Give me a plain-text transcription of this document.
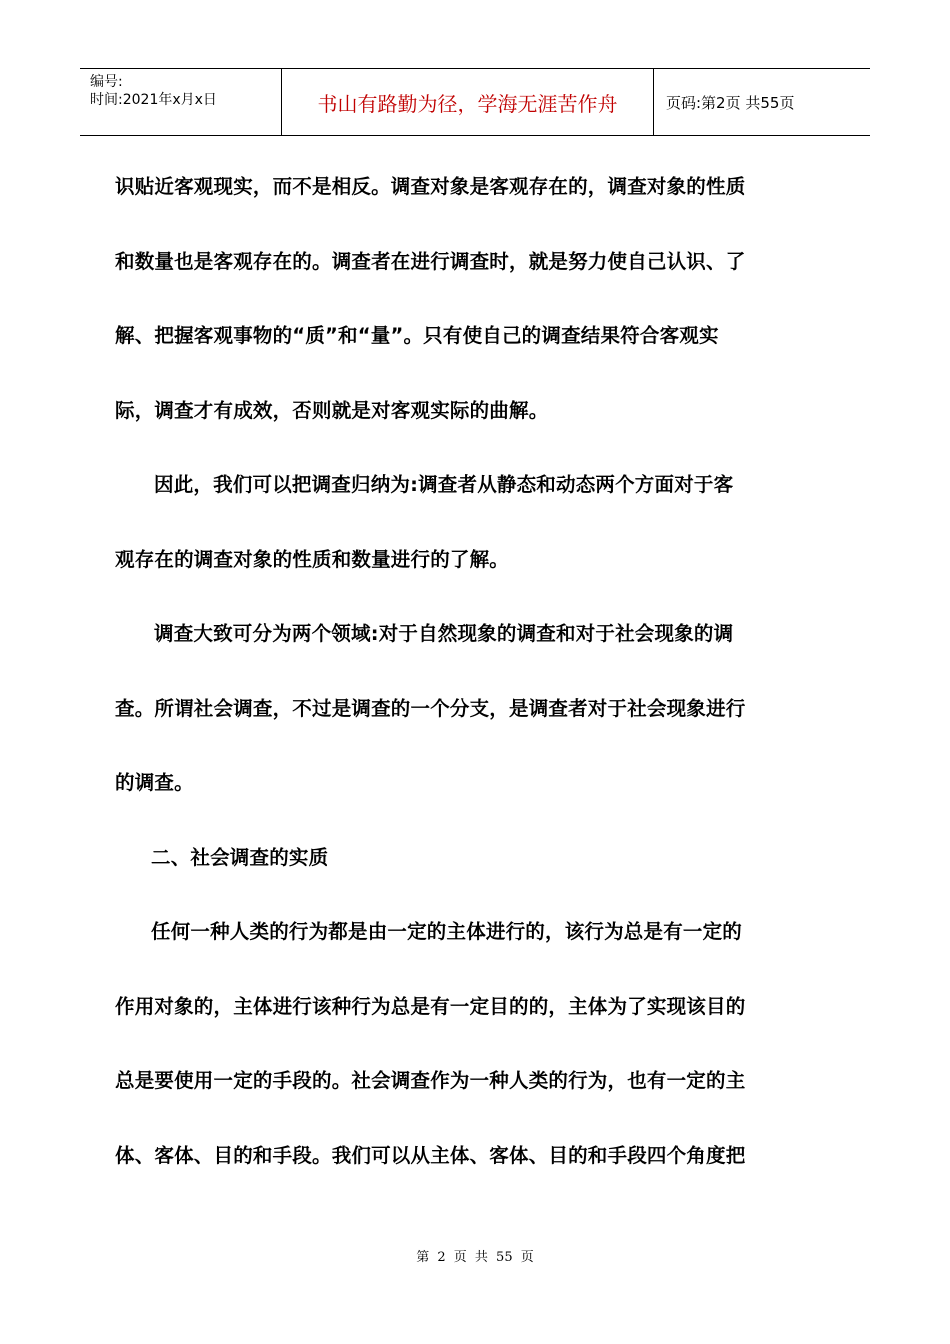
编号:
时间:2021年x月x日	书山有路勤为径，学海无涯苦作舟	页码:第2页 共55页
识贴近客观现实，而不是相反。调查对象是客观存在的，调查对象的性质
和数量也是客观存在的。调查者在进行调查时，就是努力使自己认识、了
解、把握客观事物的“质”和“量”。只有使自己的调查结果符合客观实
际，调查才有成效，否则就是对客观实际的曲解。
因此，我们可以把调查归纳为:调查者从静态和动态两个方面对于客
观存在的调查对象的性质和数量进行的了解。
调查大致可分为两个领域:对于自然现象的调查和对于社会现象的调
查。所谓社会调查，不过是调查的一个分支，是调查者对于社会现象进行
的调查。
二、社会调查的实质
任何一种人类的行为都是由一定的主体进行的，该行为总是有一定的
作用对象的，主体进行该种行为总是有一定目的的，主体为了实现该目的
总是要使用一定的手段的。社会调查作为一种人类的行为，也有一定的主
体、客体、目的和手段。我们可以从主体、客体、目的和手段四个角度把
第 2 页 共 55 页
